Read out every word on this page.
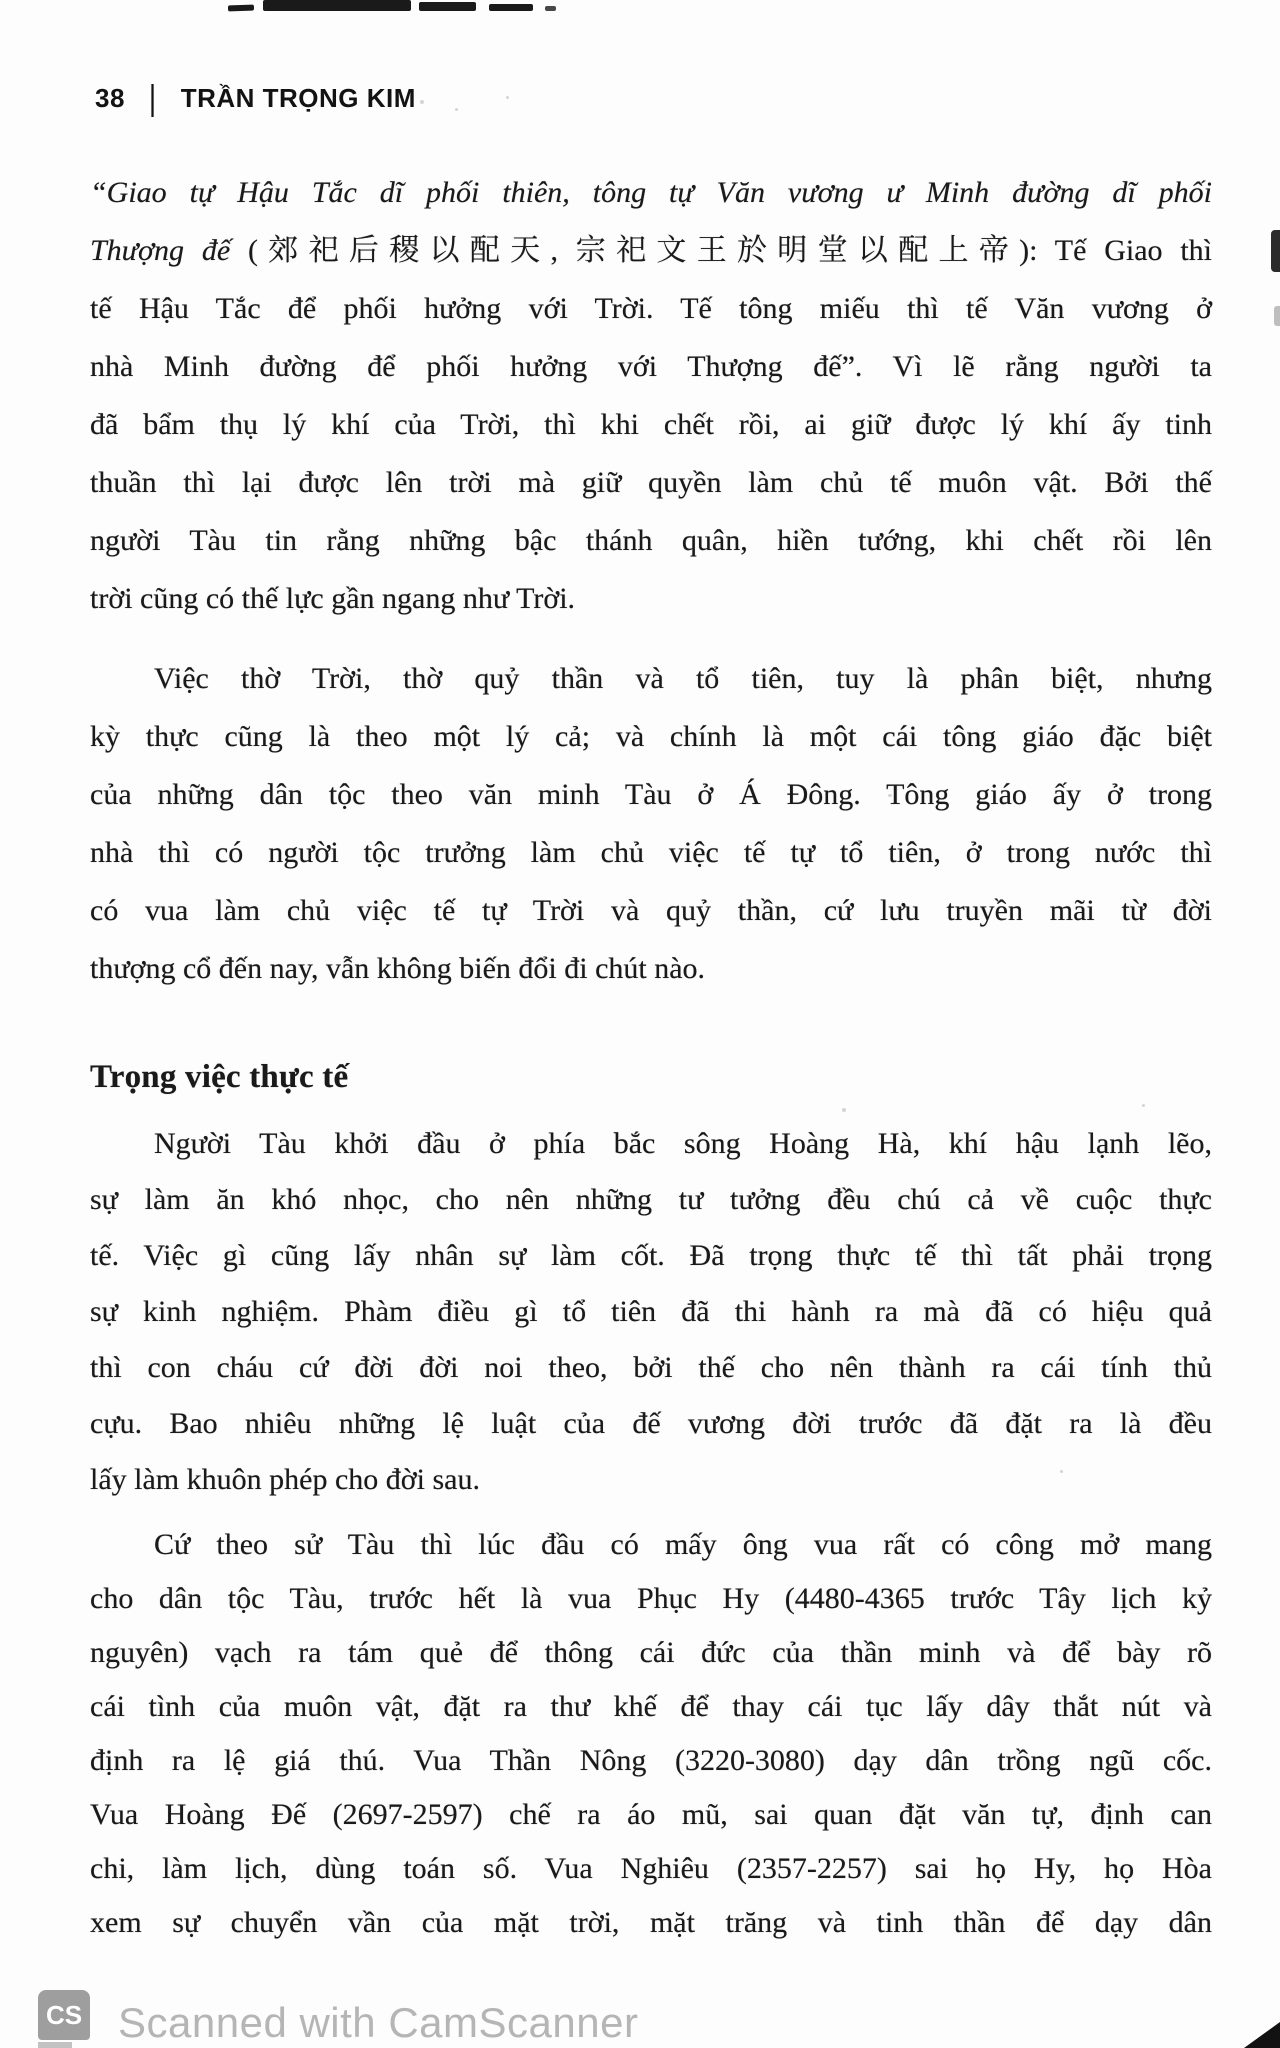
38 | TRẦN TRỌNG KIM
“Giao tự Hậu Tắc dĩ phối thiên, tông tự Văn vương ư Minh đường dĩ phối
Thượng đế (郊祀后稷以配天, 宗祀文王於明堂以配上帝): Tế Giao thì
tế Hậu Tắc để phối hưởng với Trời. Tế tông miếu thì tế Văn vương ở
nhà Minh đường để phối hưởng với Thượng đế”. Vì lẽ rằng người ta
đã bẩm thụ lý khí của Trời, thì khi chết rồi, ai giữ được lý khí ấy tinh
thuần thì lại được lên trời mà giữ quyền làm chủ tế muôn vật. Bởi thế
người Tàu tin rằng những bậc thánh quân, hiền tướng, khi chết rồi lên
trời cũng có thế lực gần ngang như Trời.
Việc thờ Trời, thờ quỷ thần và tổ tiên, tuy là phân biệt, nhưng
kỳ thực cũng là theo một lý cả; và chính là một cái tông giáo đặc biệt
của những dân tộc theo văn minh Tàu ở Á Đông. Tông giáo ấy ở trong
nhà thì có người tộc trưởng làm chủ việc tế tự tổ tiên, ở trong nước thì
có vua làm chủ việc tế tự Trời và quỷ thần, cứ lưu truyền mãi từ đời
thượng cổ đến nay, vẫn không biến đổi đi chút nào.
Trọng việc thực tế
Người Tàu khởi đầu ở phía bắc sông Hoàng Hà, khí hậu lạnh lẽo,
sự làm ăn khó nhọc, cho nên những tư tưởng đều chú cả về cuộc thực
tế. Việc gì cũng lấy nhân sự làm cốt. Đã trọng thực tế thì tất phải trọng
sự kinh nghiệm. Phàm điều gì tổ tiên đã thi hành ra mà đã có hiệu quả
thì con cháu cứ đời đời noi theo, bởi thế cho nên thành ra cái tính thủ
cựu. Bao nhiêu những lệ luật của đế vương đời trước đã đặt ra là đều
lấy làm khuôn phép cho đời sau.
Cứ theo sử Tàu thì lúc đầu có mấy ông vua rất có công mở mang
cho dân tộc Tàu, trước hết là vua Phục Hy (4480-4365 trước Tây lịch kỷ
nguyên) vạch ra tám quẻ để thông cái đức của thần minh và để bày rõ
cái tình của muôn vật, đặt ra thư khế để thay cái tục lấy dây thắt nút và
định ra lệ giá thú. Vua Thần Nông (3220-3080) dạy dân trồng ngũ cốc.
Vua Hoàng Đế (2697-2597) chế ra áo mũ, sai quan đặt văn tự, định can
chi, làm lịch, dùng toán số. Vua Nghiêu (2357-2257) sai họ Hy, họ Hòa
xem sự chuyển vần của mặt trời, mặt trăng và tinh thần để dạy dân
CS Scanned with CamScanner
